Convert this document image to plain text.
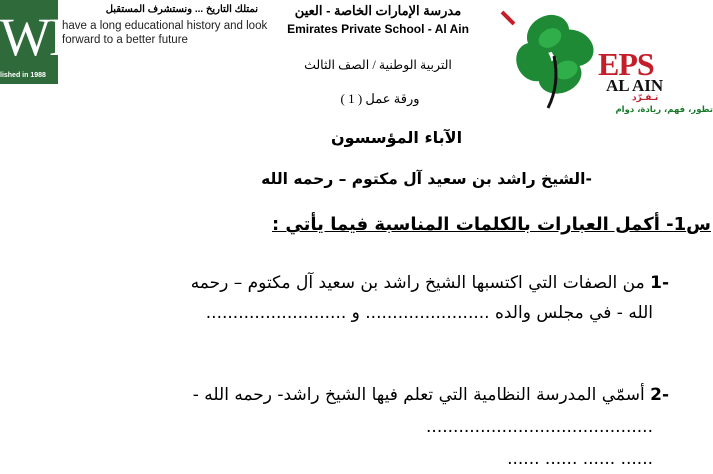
WE
lished in 1988
نمتلك التاريخ ... ونستشرف المستقبل
have a long educational history and look forward to a better future
مدرسة الإمارات الخاصة - العين
Emirates Private School - Al Ain
التربية الوطنية / الصف الثالث
ورقة عمل ( 1 )
EPS
AL AIN
تـفـرّد
تطور، فهم، ريادة، دوام
الآباء المؤسسون
الشيخ راشد بن سعيد آل مكتوم – رحمه الله-
س1- أكمل العبارات بالكلمات المناسبة فيما يأتي :
-1 من الصفات التي اكتسبها الشيخ راشد بن سعيد آل مكتوم – رحمه
الله - في مجلس والده ....................... و ..........................
-2 أسمّي المدرسة النظامية التي تعلم فيها الشيخ راشد- رحمه الله -
..........................................
...... ...... ...... ......
